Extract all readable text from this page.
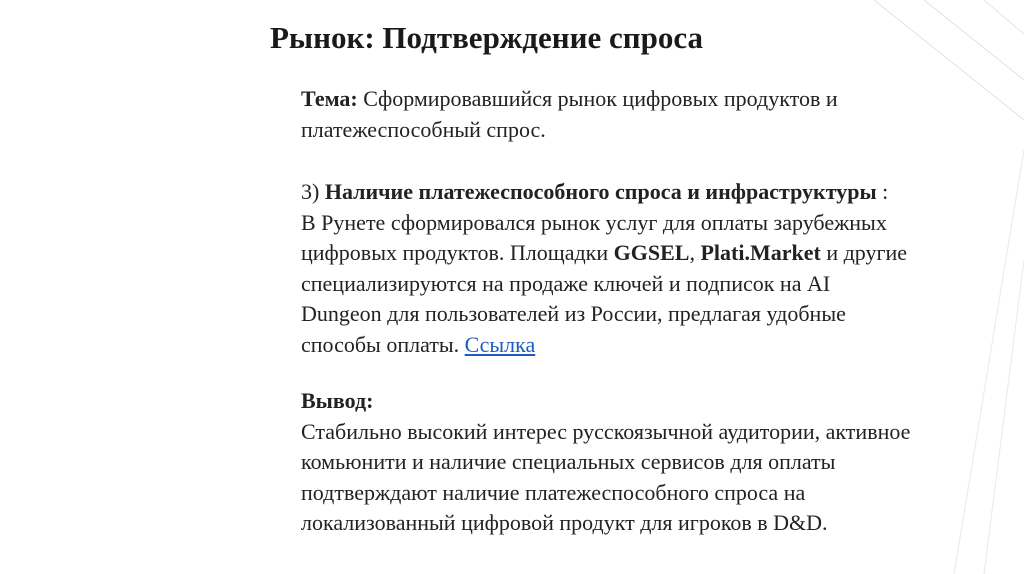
Рынок: Подтверждение спроса

Тема: Сформировавшийся рынок цифровых продуктов и
платежеспособный спрос.

3) Наличие платежеспособного спроса и инфраструктуры :
В Рунете сформировался рынок услуг для оплаты зарубежных
цифровых продуктов. Площадки GGSEL, Plati.Market и другие
специализируются на продаже ключей и подписок на AI
Dungeon для пользователей из России, предлагая удобные
способы оплаты. Ссылка

Вывод:
Стабильно высокий интерес русскоязычной аудитории, активное
комьюнити и наличие специальных сервисов для оплаты
подтверждают наличие платежеспособного спроса на
локализованный цифровой продукт для игроков в D&D.
